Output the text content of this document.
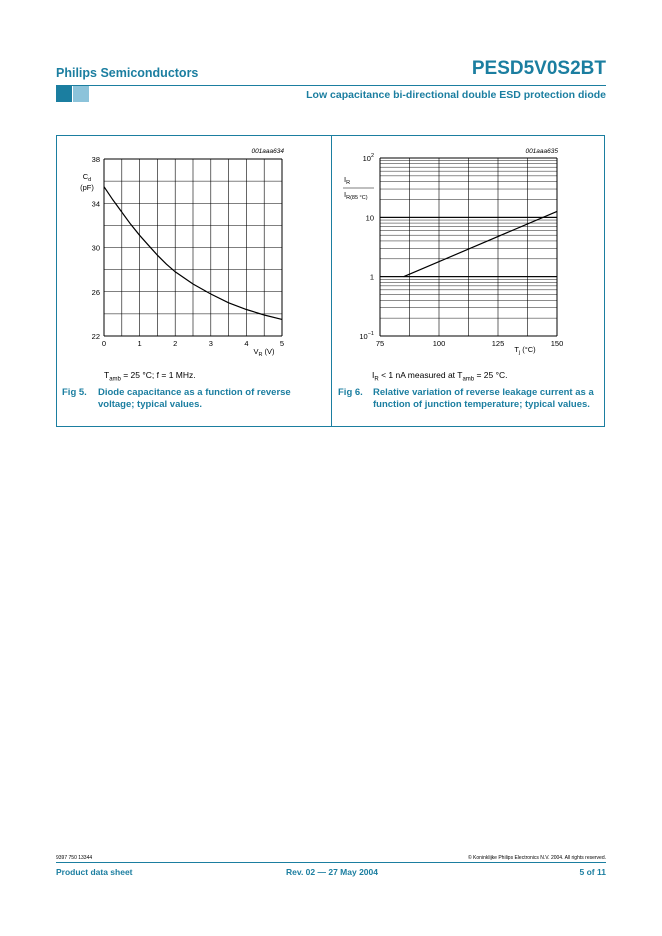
Philips Semiconductors	PESD5V0S2BT
Low capacitance bi-directional double ESD protection diode
0	1	2	3	4	5
22
26
30
34
38
001aaa634
$C_d$
(pF)
$V_R$ (V)
75	100	125	150
$10^{-1}$
1
10
$10^2$
001aaa635
$I_R$
$I_{R(85 ^\circ C)}$
$T_j$ (°C)
$T_{amb} = 25$ °C; f = 1 MHz.	$I_R < 1$ nA measured at $T_{amb} = 25$ °C.
Fig 5. Diode capacitance as a function of reverse voltage; typical values.
Fig 6. Relative variation of reverse leakage current as a function of junction temperature; typical values.
9397 750 13344	© Koninklijke Philips Electronics N.V. 2004. All rights reserved.
Product data sheet	Rev. 02 — 27 May 2004	5 of 11
